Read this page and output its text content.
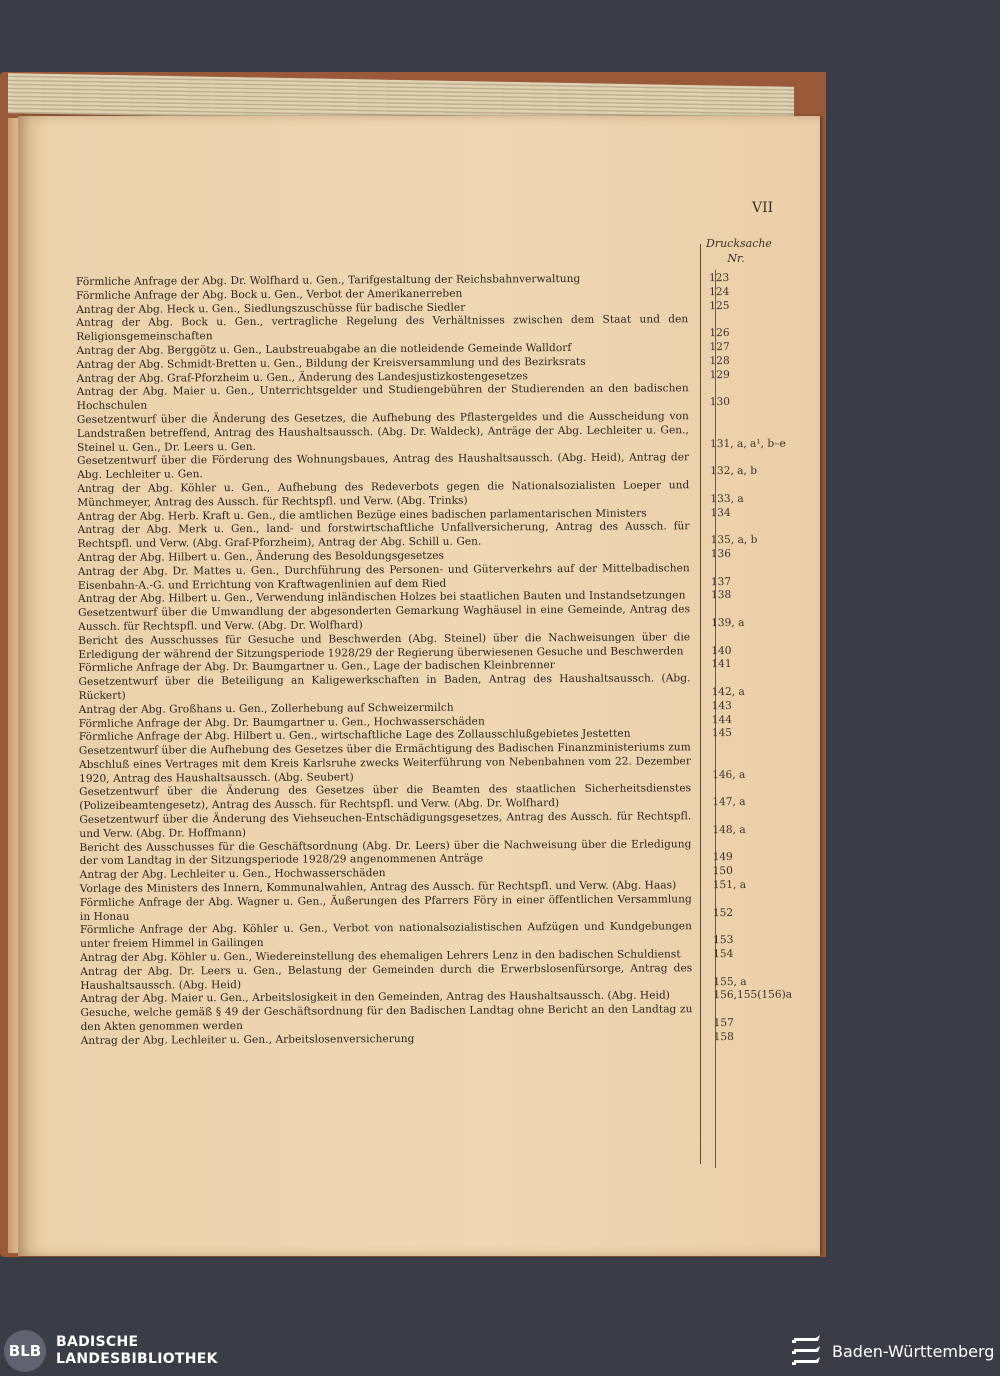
VII
Drucksache Nr.
Förmliche Anfrage der Abg. Dr. Wolfhard u. Gen., Tarifgestaltung der Reichsbahnverwaltung	123
Förmliche Anfrage der Abg. Bock u. Gen., Verbot der Amerikanerreben	124
Antrag der Abg. Heck u. Gen., Siedlungszuschüsse für badische Siedler	125
Antrag der Abg. Bock u. Gen., vertragliche Regelung des Verhältnisses zwischen dem Staat und den Religionsgemeinschaften	126
Antrag der Abg. Berggötz u. Gen., Laubstreuabgabe an die notleidende Gemeinde Walldorf	127
Antrag der Abg. Schmidt-Bretten u. Gen., Bildung der Kreisversammlung und des Bezirksrats	128
Antrag der Abg. Graf-Pforzheim u. Gen., Änderung des Landesjustizkostengesetzes	129
Antrag der Abg. Maier u. Gen., Unterrichtsgelder und Studiengebühren der Studierenden an den badischen Hochschulen	130
Gesetzentwurf über die Änderung des Gesetzes, die Aufhebung des Pflastergeldes und die Ausscheidung von Landstraßen betreffend, Antrag des Haushaltsaussch. (Abg. Dr. Waldeck), Anträge der Abg. Lechleiter u. Gen., Steinel u. Gen., Dr. Leers u. Gen.	131, a, a¹, b–e
Gesetzentwurf über die Förderung des Wohnungsbaues, Antrag des Haushaltsaussch. (Abg. Heid), Antrag der Abg. Lechleiter u. Gen.	132, a, b
Antrag der Abg. Köhler u. Gen., Aufhebung des Redeverbots gegen die Nationalsozialisten Loeper und Münchmeyer, Antrag des Aussch. für Rechtspfl. und Verw. (Abg. Trinks)	133, a
Antrag der Abg. Herb. Kraft u. Gen., die amtlichen Bezüge eines badischen parlamentarischen Ministers	134
Antrag der Abg. Merk u. Gen., land- und forstwirtschaftliche Unfallversicherung, Antrag des Aussch. für Rechtspfl. und Verw. (Abg. Graf-Pforzheim), Antrag der Abg. Schill u. Gen.	135, a, b
Antrag der Abg. Hilbert u. Gen., Änderung des Besoldungsgesetzes	136
Antrag der Abg. Dr. Mattes u. Gen., Durchführung des Personen- und Güterverkehrs auf der Mittelbadischen Eisenbahn-A.-G. und Errichtung von Kraftwagenlinien auf dem Ried	137
Antrag der Abg. Hilbert u. Gen., Verwendung inländischen Holzes bei staatlichen Bauten und Instandsetzungen	138
Gesetzentwurf über die Umwandlung der abgesonderten Gemarkung Waghäusel in eine Gemeinde, Antrag des Aussch. für Rechtspfl. und Verw. (Abg. Dr. Wolfhard)	139, a
Bericht des Ausschusses für Gesuche und Beschwerden (Abg. Steinel) über die Nachweisungen über die Erledigung der während der Sitzungsperiode 1928/29 der Regierung überwiesenen Gesuche und Beschwerden	140
Förmliche Anfrage der Abg. Dr. Baumgartner u. Gen., Lage der badischen Kleinbrenner	141
Gesetzentwurf über die Beteiligung an Kaligewerkschaften in Baden, Antrag des Haushaltsaussch. (Abg. Rückert)	142, a
Antrag der Abg. Großhans u. Gen., Zollerhebung auf Schweizermilch	143
Förmliche Anfrage der Abg. Dr. Baumgartner u. Gen., Hochwasserschäden	144
Förmliche Anfrage der Abg. Hilbert u. Gen., wirtschaftliche Lage des Zollausschlußgebietes Jestetten	145
Gesetzentwurf über die Aufhebung des Gesetzes über die Ermächtigung des Badischen Finanzministeriums zum Abschluß eines Vertrages mit dem Kreis Karlsruhe zwecks Weiterführung von Nebenbahnen vom 22. Dezember 1920, Antrag des Haushaltsaussch. (Abg. Seubert)	146, a
Gesetzentwurf über die Änderung des Gesetzes über die Beamten des staatlichen Sicherheitsdienstes (Polizeibeamtengesetz), Antrag des Aussch. für Rechtspfl. und Verw. (Abg. Dr. Wolfhard)	147, a
Gesetzentwurf über die Änderung des Viehseuchen-Entschädigungsgesetzes, Antrag des Aussch. für Rechtspfl. und Verw. (Abg. Dr. Hoffmann)	148, a
Bericht des Ausschusses für die Geschäftsordnung (Abg. Dr. Leers) über die Nachweisung über die Erledigung der vom Landtag in der Sitzungsperiode 1928/29 angenommenen Anträge	149
Antrag der Abg. Lechleiter u. Gen., Hochwasserschäden	150
Vorlage des Ministers des Innern, Kommunalwahlen, Antrag des Aussch. für Rechtspfl. und Verw. (Abg. Haas)	151, a
Förmliche Anfrage der Abg. Wagner u. Gen., Äußerungen des Pfarrers Föry in einer öffentlichen Versammlung in Honau	152
Förmliche Anfrage der Abg. Köhler u. Gen., Verbot von nationalsozialistischen Aufzügen und Kundgebungen unter freiem Himmel in Gailingen	153
Antrag der Abg. Köhler u. Gen., Wiedereinstellung des ehemaligen Lehrers Lenz in den badischen Schuldienst	154
Antrag der Abg. Dr. Leers u. Gen., Belastung der Gemeinden durch die Erwerbslosenfürsorge, Antrag des Haushaltsaussch. (Abg. Heid)	155, a
Antrag der Abg. Maier u. Gen., Arbeitslosigkeit in den Gemeinden, Antrag des Haushaltsaussch. (Abg. Heid)	156,155(156)a
Gesuche, welche gemäß § 49 der Geschäftsordnung für den Badischen Landtag ohne Bericht an den Landtag zu den Akten genommen werden	157
Antrag der Abg. Lechleiter u. Gen., Arbeitslosenversicherung	158
BLB	BADISCHE
LANDESBIBLIOTHEK	Baden-Württemberg
